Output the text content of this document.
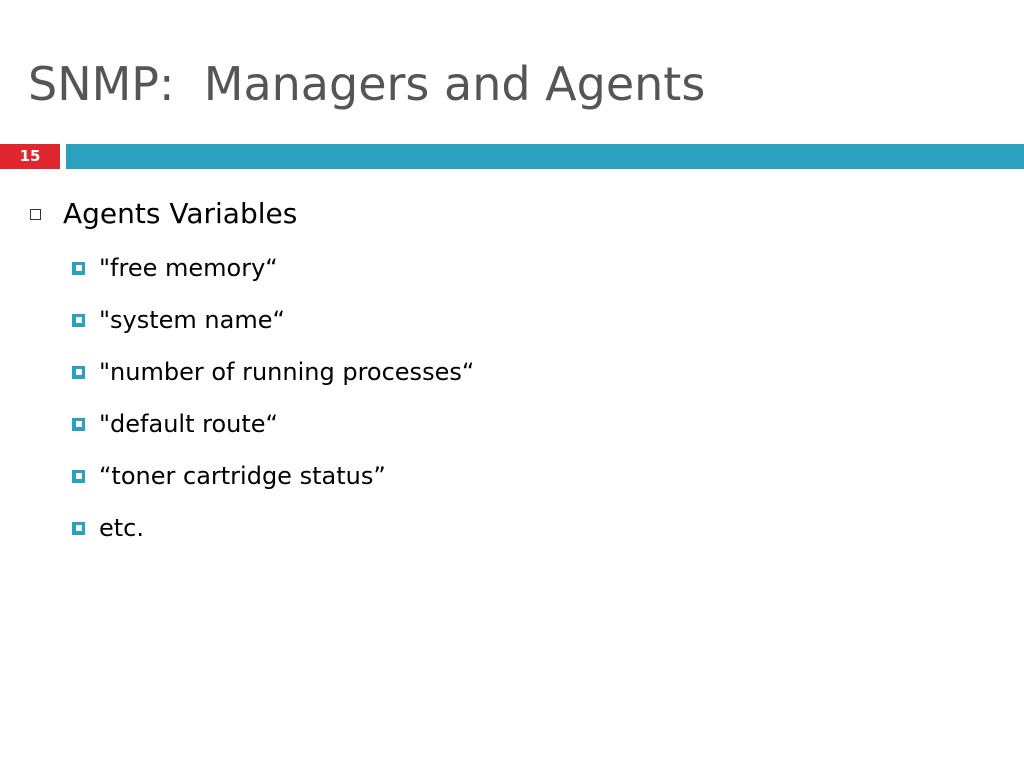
SNMP:  Managers and Agents
15
Agents Variables
"free memory“
"system name“
"number of running processes“
"default route“
“toner cartridge status”
etc.
